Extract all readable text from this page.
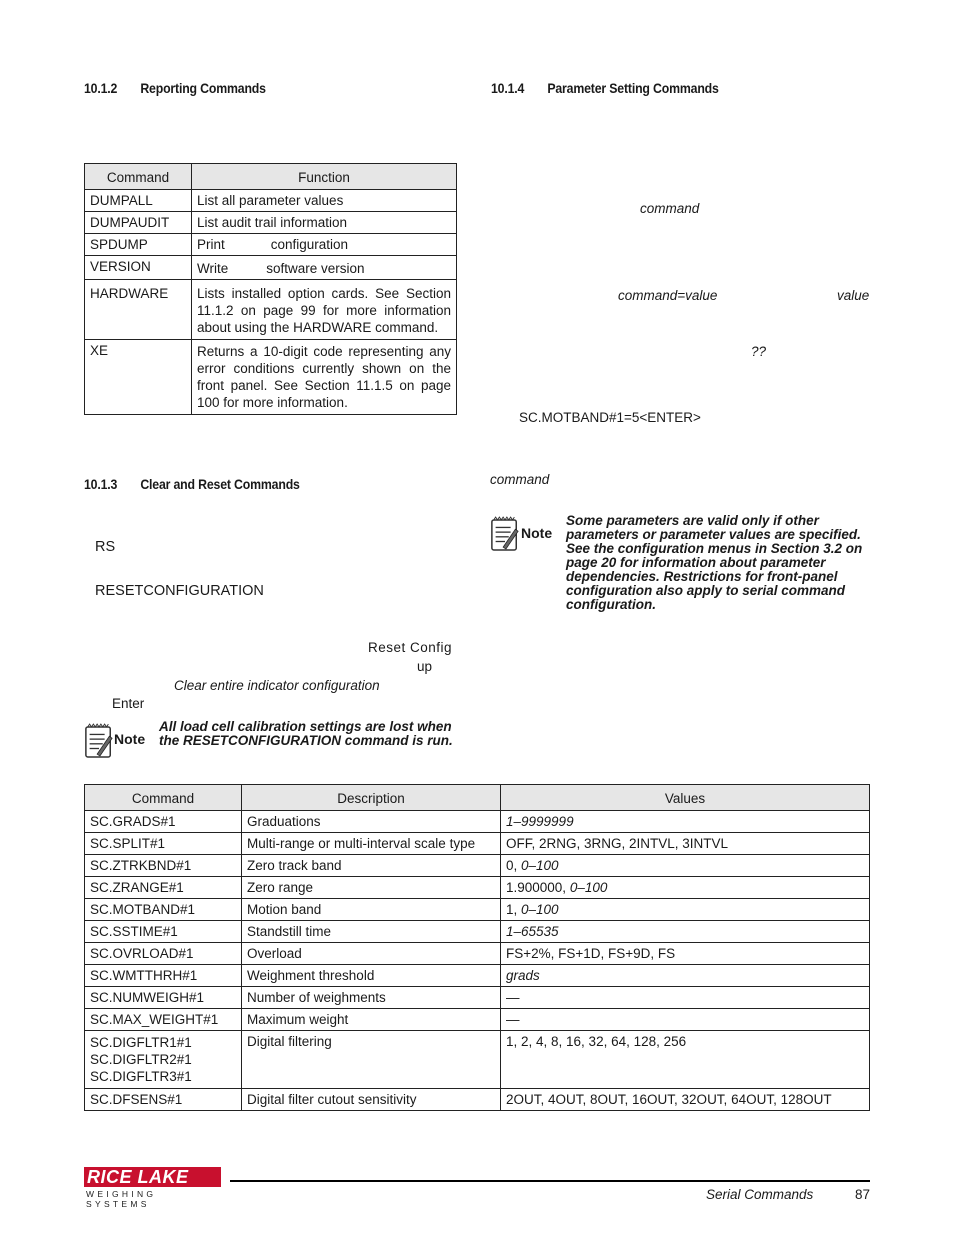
10.1.2 Reporting Commands
Command	Function
DUMPALL	List all parameter values
DUMPAUDIT	List audit trail information
SPDUMP	Print configuration
VERSION	Write software version
HARDWARE	Lists installed option cards. See Section 11.1.2 on page 99 for more information about using the HARDWARE command.
XE	Returns a 10-digit code representing any error conditions currently shown on the front panel. See Section 11.1.5 on page 100 for more information.
10.1.3 Clear and Reset Commands
RS
RESETCONFIGURATION
Reset Config
up
Clear entire indicator configuration
Enter
Note
All load cell calibration settings are lost when the RESETCONFIGURATION command is run.
10.1.4 Parameter Setting Commands
command
command=value	value
??
SC.MOTBAND#1=5<ENTER>
command
Note
Some parameters are valid only if other parameters or parameter values are specified. See the configuration menus in Section 3.2 on page 20 for information about parameter dependencies. Restrictions for front-panel configuration also apply to serial command configuration.
Command	Description	Values
SC.GRADS#1	Graduations	1–9999999
SC.SPLIT#1	Multi-range or multi-interval scale type	OFF, 2RNG, 3RNG, 2INTVL, 3INTVL
SC.ZTRKBND#1	Zero track band	0, 0–100
SC.ZRANGE#1	Zero range	1.900000, 0–100
SC.MOTBAND#1	Motion band	1, 0–100
SC.SSTIME#1	Standstill time	1–65535
SC.OVRLOAD#1	Overload	FS+2%, FS+1D, FS+9D, FS
SC.WMTTHRH#1	Weighment threshold	grads
SC.NUMWEIGH#1	Number of weighments	—
SC.MAX_WEIGHT#1	Maximum weight	—

SC.DIGFLTR1#1
SC.DIGFLTR2#1
SC.DIGFLTR3#1	Digital filtering	1, 2, 4, 8, 16, 32, 64, 128, 256
SC.DFSENS#1	Digital filter cutout sensitivity	2OUT, 4OUT, 8OUT, 16OUT, 32OUT, 64OUT, 128OUT
RICE LAKE
WEIGHING SYSTEMS
Serial Commands	87
